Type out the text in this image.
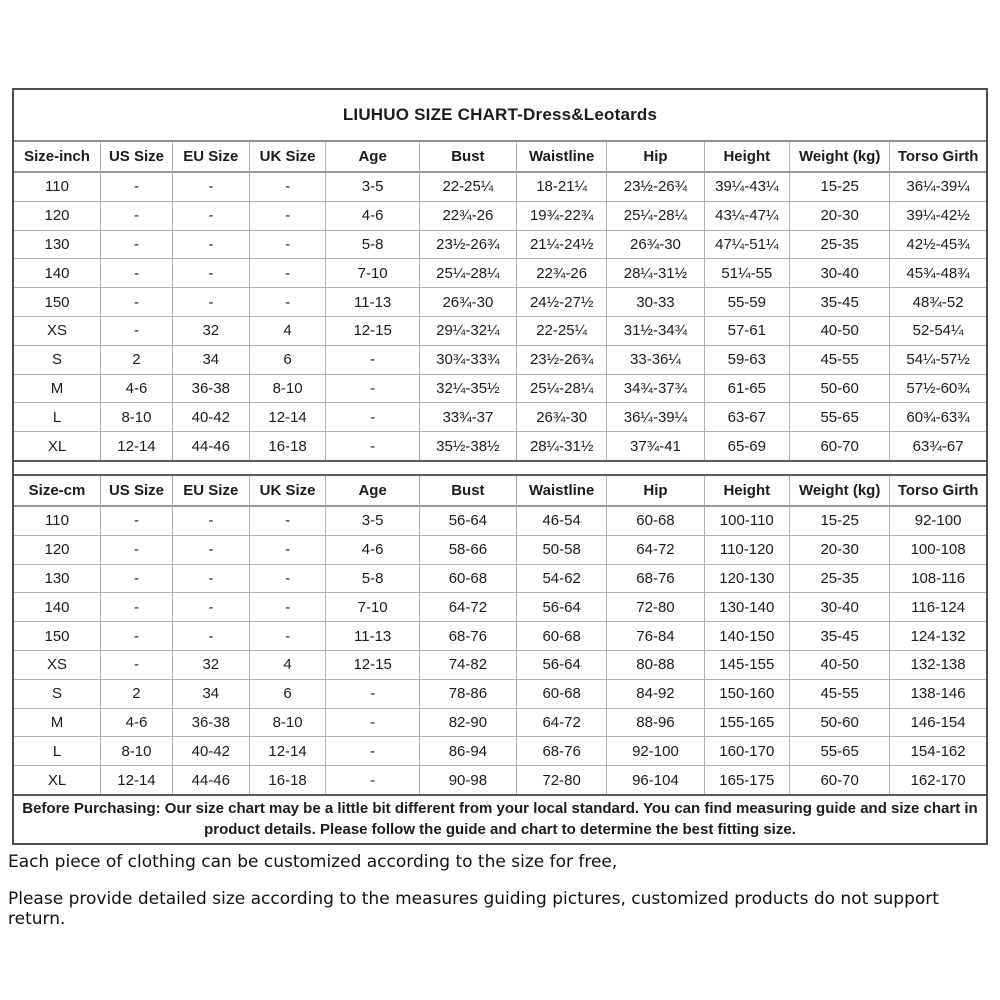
LIUHUO SIZE CHART-Dress&Leotards
Size-inch	US Size	EU Size	UK Size	Age	Bust	Waistline	Hip	Height	Weight (kg)	Torso Girth
110	-	-	-	3-5	22-25¼	18-21¼	23½-26¾	39¼-43¼	15-25	36¼-39¼
120	-	-	-	4-6	22¾-26	19¾-22¾	25¼-28¼	43¼-47¼	20-30	39¼-42½
130	-	-	-	5-8	23½-26¾	21¼-24½	26¾-30	47¼-51¼	25-35	42½-45¾
140	-	-	-	7-10	25¼-28¼	22¾-26	28¼-31½	51¼-55	30-40	45¾-48¾
150	-	-	-	11-13	26¾-30	24½-27½	30-33	55-59	35-45	48¾-52
XS	-	32	4	12-15	29¼-32¼	22-25¼	31½-34¾	57-61	40-50	52-54¼
S	2	34	6	-	30¾-33¾	23½-26¾	33-36¼	59-63	45-55	54¼-57½
M	4-6	36-38	8-10	-	32¼-35½	25¼-28¼	34¾-37¾	61-65	50-60	57½-60¾
L	8-10	40-42	12-14	-	33¾-37	26¾-30	36¼-39¼	63-67	55-65	60¾-63¾
XL	12-14	44-46	16-18	-	35½-38½	28¼-31½	37¾-41	65-69	60-70	63¾-67
Size-cm	US Size	EU Size	UK Size	Age	Bust	Waistline	Hip	Height	Weight (kg)	Torso Girth
110	-	-	-	3-5	56-64	46-54	60-68	100-110	15-25	92-100
120	-	-	-	4-6	58-66	50-58	64-72	110-120	20-30	100-108
130	-	-	-	5-8	60-68	54-62	68-76	120-130	25-35	108-116
140	-	-	-	7-10	64-72	56-64	72-80	130-140	30-40	116-124
150	-	-	-	11-13	68-76	60-68	76-84	140-150	35-45	124-132
XS	-	32	4	12-15	74-82	56-64	80-88	145-155	40-50	132-138
S	2	34	6	-	78-86	60-68	84-92	150-160	45-55	138-146
M	4-6	36-38	8-10	-	82-90	64-72	88-96	155-165	50-60	146-154
L	8-10	40-42	12-14	-	86-94	68-76	92-100	160-170	55-65	154-162
XL	12-14	44-46	16-18	-	90-98	72-80	96-104	165-175	60-70	162-170
Before Purchasing: Our size chart may be a little bit different from your local standard. You can find measuring guide and size chart in product details. Please follow the guide and chart to determine the best fitting size.

Each piece of clothing can be customized according to the size for free,

Please provide detailed size according to the measures guiding pictures, customized products do not support return.
